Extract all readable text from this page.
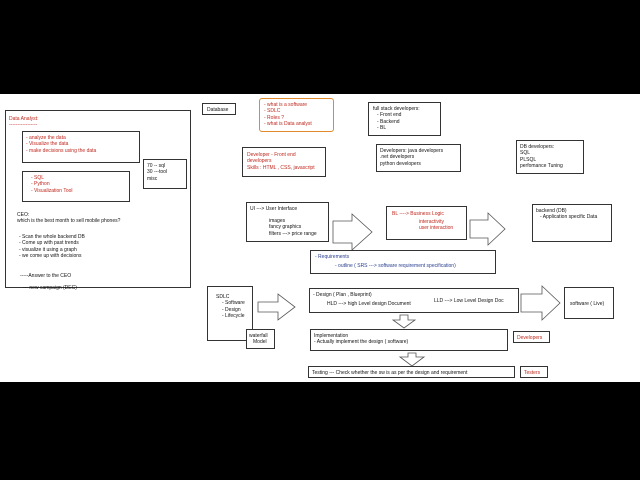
Data Analyst:
-----------------
- analyze the data
- Visualize the data
- make decisions using the data
- SQL
- Python
- Visualization Tool
70 -- sql
30 ---tool
misc
CEO:
which is the best month to sell mobile phones?
- Scan the whole backend DB
- Come up with past trends
- visualize it using a graph
- we come up with decisions
-----Answer to the CEO
--- new campaign (DEC)
Database
- what is a software
- SDLC
- Roles ?
- what is Data analyst
full stack developers:
- Front end
- Backend
- BL
Developer - Front end
developers
Skills : HTML , CSS, javascript
Developers: java developers
.net developers
python developers
DB developers:
SQL
PLSQL
perfomance Tuning
UI ---> User Interface
images
fancy graphics
filters ---> price range
BL ----> Business Logic
interactivity
user interaction
backend (DB)
- Application specific Data
- Requirements
- outline ( SRS ---> software requirement specification)
SDLC
- Software
- Design
- Lifecycle
waterfall
Model
- Design ( Plan , Blueprint)
HLD ---> high Level design Document	LLD ---> Low Level Design Doc	software ( Live)
Implementation
- Actually implement the design ( software)
Developers
Testing --- Check whether the sw is as per the design and requirement	Testers
